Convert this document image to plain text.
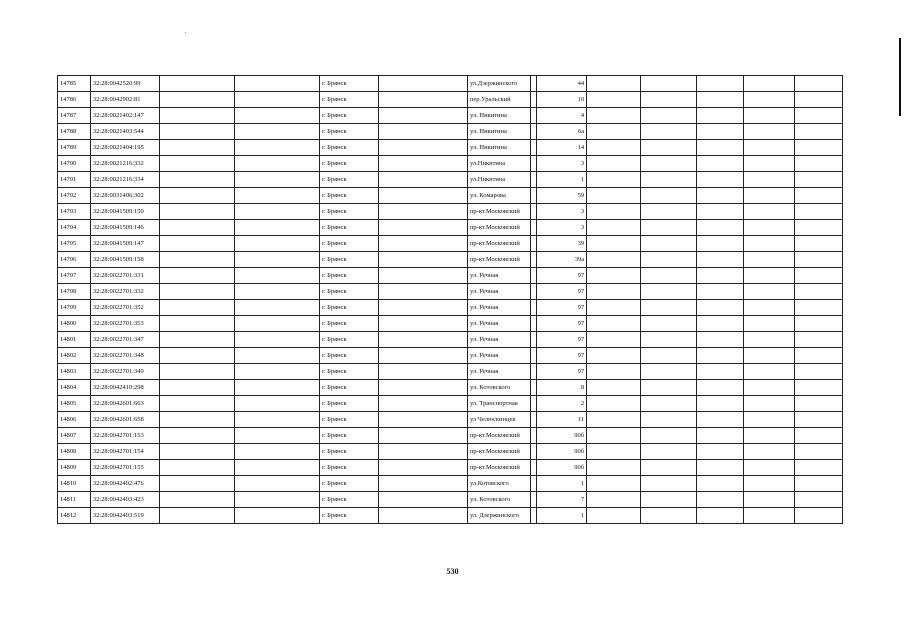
14785	32:28:0042520:99			г. Брянск		ул.Дзержинского		44					
14786	32:28:0042902:81			г. Брянск		пер.Уральский		10					
14787	32:28:0021402:147			г. Брянск		ул. Никитина		4					
14788	32:28:0021403:544			г. Брянск		ул. Никитина		6а					
14789	32:28:0021404:195			г. Брянск		ул. Никитина		14					
14790	32:28:0021216:332			г. Брянск		ул.Никитина		3					
14791	32:28:0021216:334			г. Брянск		ул.Никитина		1					
14792	32:28:0031406:302			г. Брянск		ул. Комарова		59					
14793	32:28:0041509:150			г. Брянск		пр-кт.Московский		3					
14794	32:28:0041509:146			г. Брянск		пр-кт.Московский		3					
14795	32:28:0041509:147			г. Брянск		пр-кт.Московский		39					
14796	32:28:0041509:158			г. Брянск		пр-кт.Московский		39а					
14797	32:28:0022701:331			г. Брянск		ул. Речная		97					
14798	32:28:0022701:332			г. Брянск		ул. Речная		97					
14799	32:28:0022701:352			г. Брянск		ул. Речная		97					
14800	32:28:0022701:353			г. Брянск		ул. Речная		97					
14801	32:28:0022701:347			г. Брянск		ул. Речная		97					
14802	32:28:0022701:348			г. Брянск		ул. Речная		97					
14803	32:28:0022701:349			г. Брянск		ул. Речная		97					
14804	32:28:0042410:298			г. Брянск		ул. Котовского		8					
14805	32:28:0042601:663			г. Брянск		ул. Транспортная		2					
14806	32:28:0042601:658			г. Брянск		ул Челюскинцев		11					
14807	32:28:0042701:153			г. Брянск		пр-кт.Московский		90б					
14808	32:28:0042701:154			г. Брянск		пр-кт.Московский		90б					
14809	32:28:0042701:155			г. Брянск		пр-кт.Московский		90б					
14810	32:28:0042402:476			г. Брянск		ул.Котовского		1					
14811	32:28:0042403:423			г. Брянск		ул. Котовского		7					
14812	32:28:0042403:519			г. Брянск		ул. Дзержинского		1					
530
